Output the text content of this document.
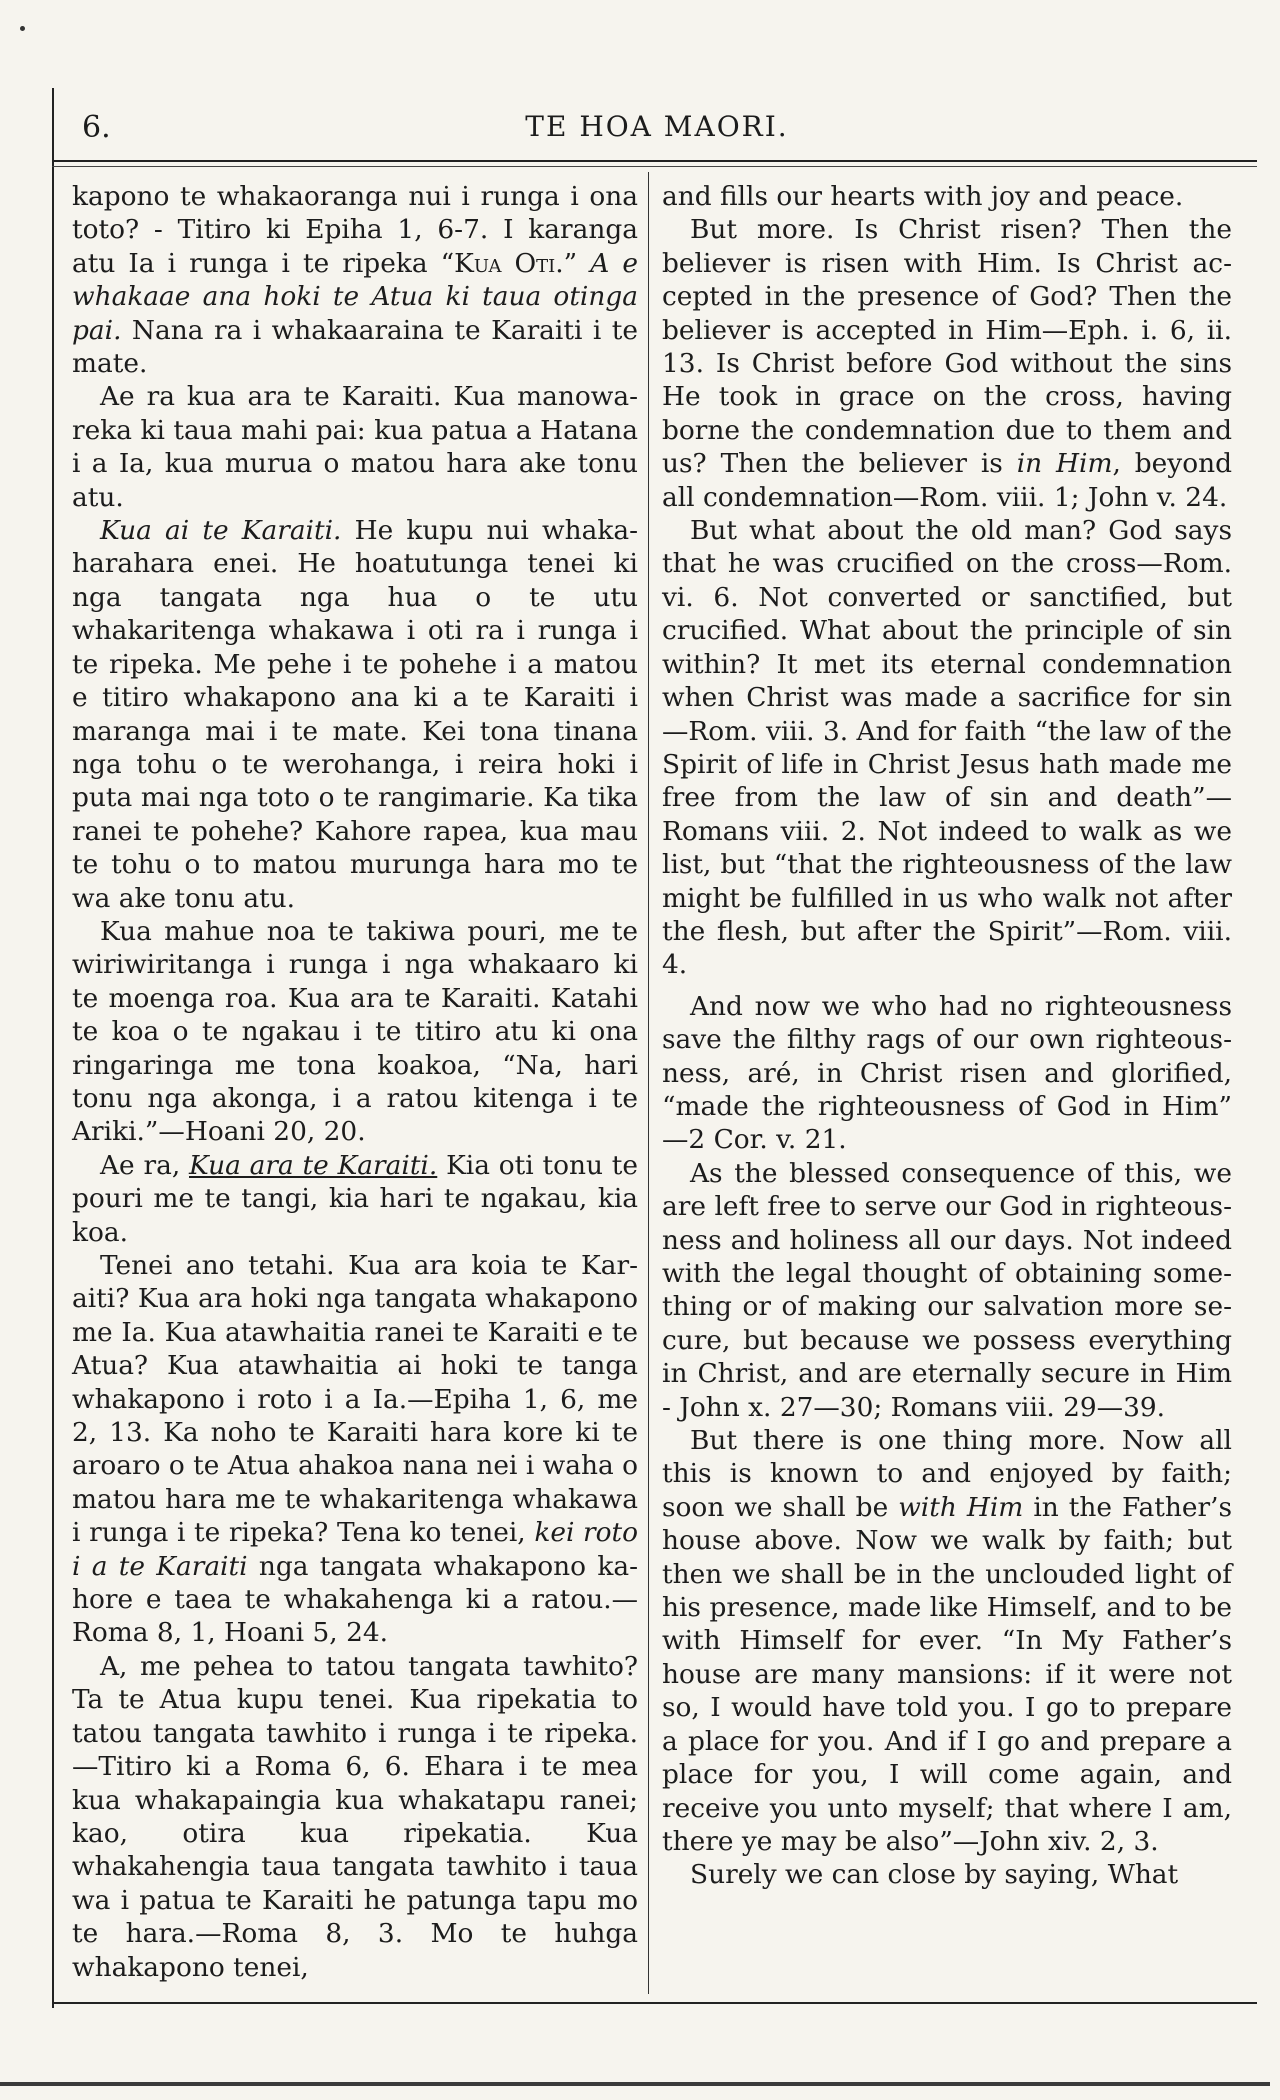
6.	TE HOA MAORI.

kapono te whakaoranga nui i runga i ona toto? - Titiro ki Epiha 1, 6-7. I karanga atu Ia i runga i te ripeka “Kua Oti.” A e whakaae ana hoki te Atua ki taua otinga pai. Nana ra i whakaaraina te Karaiti i te mate.

Ae ra kua ara te Karaiti. Kua manowareka ki taua mahi pai: kua patua a Hatana i a Ia, kua murua o matou hara ake tonu atu.

Kua ai te Karaiti. He kupu nui whakaharahara enei. He hoatutunga tenei ki nga tangata nga hua o te utu whakaritenga whakawa i oti ra i runga i te ripeka. Me pehe i te pohehe i a matou e titiro whakapono ana ki a te Karaiti i maranga mai i te mate. Kei tona tinana nga tohu o te werohanga, i reira hoki i puta mai nga toto o te rangimarie. Ka tika ranei te pohehe? Kahore rapea, kua mau te tohu o to matou murunga hara mo te wa ake tonu atu.

Kua mahue noa te takiwa pouri, me te wiriwiritanga i runga i nga whakaaro ki te moenga roa. Kua ara te Karaiti. Katahi te koa o te ngakau i te titiro atu ki ona ringaringa me tona koakoa, “Na, hari tonu nga akonga, i a ratou kitenga i te Ariki.”—Hoani 20, 20.

Ae ra, Kua ara te Karaiti. Kia oti tonu te pouri me te tangi, kia hari te ngakau, kia koa.

Tenei ano tetahi. Kua ara koia te Karaiti? Kua ara hoki nga tangata whakapono me Ia. Kua atawhaitia ranei te Karaiti e te Atua? Kua atawhaitia ai hoki te tanga whakapono i roto i a Ia.—Epiha 1, 6, me 2, 13. Ka noho te Karaiti hara kore ki te aroaro o te Atua ahakoa nana nei i waha o matou hara me te whakaritenga whakawa i runga i te ripeka? Tena ko tenei, kei roto i a te Karaiti nga tangata whakapono kahore e taea te whakahenga ki a ratou.—Roma 8, 1, Hoani 5, 24.

A, me pehea to tatou tangata tawhito? Ta te Atua kupu tenei. Kua ripekatia to tatou tangata tawhito i runga i te ripeka.—Titiro ki a Roma 6, 6. Ehara i te mea kua whakapaingia kua whakatapu ranei; kao, otira kua ripekatia. Kua whakahengia taua tangata tawhito i taua wa i patua te Karaiti he patunga tapu mo te hara.—Roma 8, 3. Mo te huhga whakapono tenei,

and fills our hearts with joy and peace.

But more. Is Christ risen? Then the believer is risen with Him. Is Christ accepted in the presence of God? Then the believer is accepted in Him—Eph. i. 6, ii. 13. Is Christ before God without the sins He took in grace on the cross, having borne the condemnation due to them and us? Then the believer is in Him, beyond all condemnation—Rom. viii. 1; John v. 24.

But what about the old man? God says that he was crucified on the cross—Rom. vi. 6. Not converted or sanctified, but crucified. What about the principle of sin within? It met its eternal condemnation when Christ was made a sacrifice for sin—Rom. viii. 3. And for faith “the law of the Spirit of life in Christ Jesus hath made me free from the law of sin and death”—Romans viii. 2. Not indeed to walk as we list, but “that the righteousness of the law might be fulfilled in us who walk not after the flesh, but after the Spirit”—Rom. viii. 4.

And now we who had no righteousness save the filthy rags of our own righteousness, aré, in Christ risen and glorified, “made the righteousness of God in Him” —2 Cor. v. 21.

As the blessed consequence of this, we are left free to serve our God in righteousness and holiness all our days. Not indeed with the legal thought of obtaining something or of making our salvation more secure, but because we possess everything in Christ, and are eternally secure in Him - John x. 27—30; Romans viii. 29—39.

But there is one thing more. Now all this is known to and enjoyed by faith; soon we shall be with Him in the Father’s house above. Now we walk by faith; but then we shall be in the unclouded light of his presence, made like Himself, and to be with Himself for ever. “In My Father’s house are many mansions: if it were not so, I would have told you. I go to prepare a place for you. And if I go and prepare a place for you, I will come again, and receive you unto myself; that where I am, there ye may be also”—John xiv. 2, 3.

Surely we can close by saying, What
